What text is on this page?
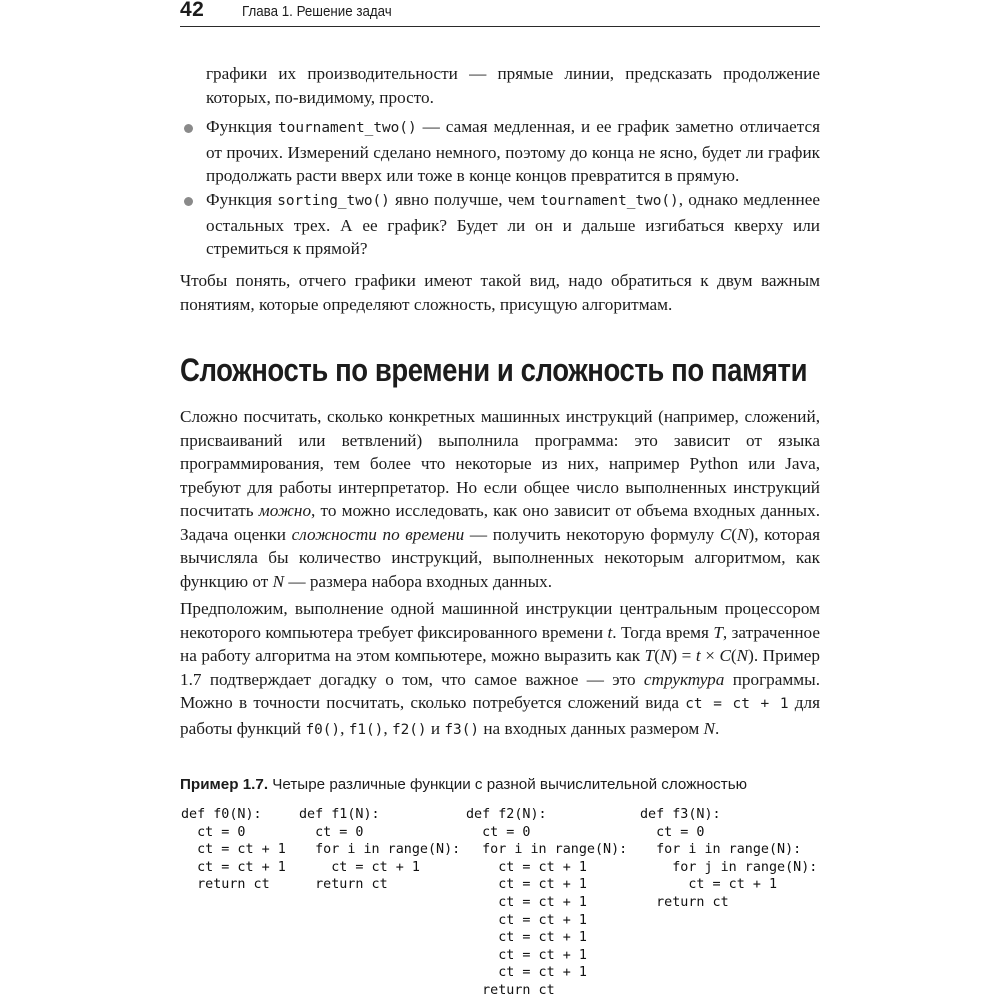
42	Глава 1. Решение задач

графики их производительности — прямые линии, предсказать продолжение которых, по-видимому, просто.

Функция tournament_two() — самая медленная, и ее график заметно отличается от прочих. Измерений сделано немного, поэтому до конца не ясно, будет ли график продолжать расти вверх или тоже в конце концов превратится в прямую.

Функция sorting_two() явно получше, чем tournament_two(), однако медленнее остальных трех. А ее график? Будет ли он и дальше изгибаться кверху или стремиться к прямой?

Чтобы понять, отчего графики имеют такой вид, надо обратиться к двум важным понятиям, которые определяют сложность, присущую алгоритмам.

Сложность по времени и сложность по памяти

Сложно посчитать, сколько конкретных машинных инструкций (например, сложений, присваиваний или ветвлений) выполнила программа: это зависит от языка программирования, тем более что некоторые из них, например Python или Java, требуют для работы интерпретатор. Но если общее число выполненных инструкций посчитать можно, то можно исследовать, как оно зависит от объема входных данных. Задача оценки сложности по времени — получить некоторую формулу C(N), которая вычисляла бы количество инструкций, выполненных некоторым алгоритмом, как функцию от N — размера набора входных данных.

Предположим, выполнение одной машинной инструкции центральным процессором некоторого компьютера требует фиксированного времени t. Тогда время T, затраченное на работу алгоритма на этом компьютере, можно выразить как T(N) = t × C(N). Пример 1.7 подтверждает догадку о том, что самое важное — это структура программы. Можно в точности посчитать, сколько потребуется сложений вида ct = ct + 1 для работы функций f0(), f1(), f2() и f3() на входных данных размером N.

Пример 1.7. Четыре различные функции с разной вычислительной сложностью
def f0(N):
ct = 0
ct = ct + 1
ct = ct + 1
return ct
def f1(N):
ct = 0
for i in range(N):
ct = ct + 1
return ct
def f2(N):
ct = 0
for i in range(N):
ct = ct + 1
ct = ct + 1
ct = ct + 1
ct = ct + 1
ct = ct + 1
ct = ct + 1
ct = ct + 1
return ct
def f3(N):
ct = 0
for i in range(N):
for j in range(N):
ct = ct + 1
return ct
